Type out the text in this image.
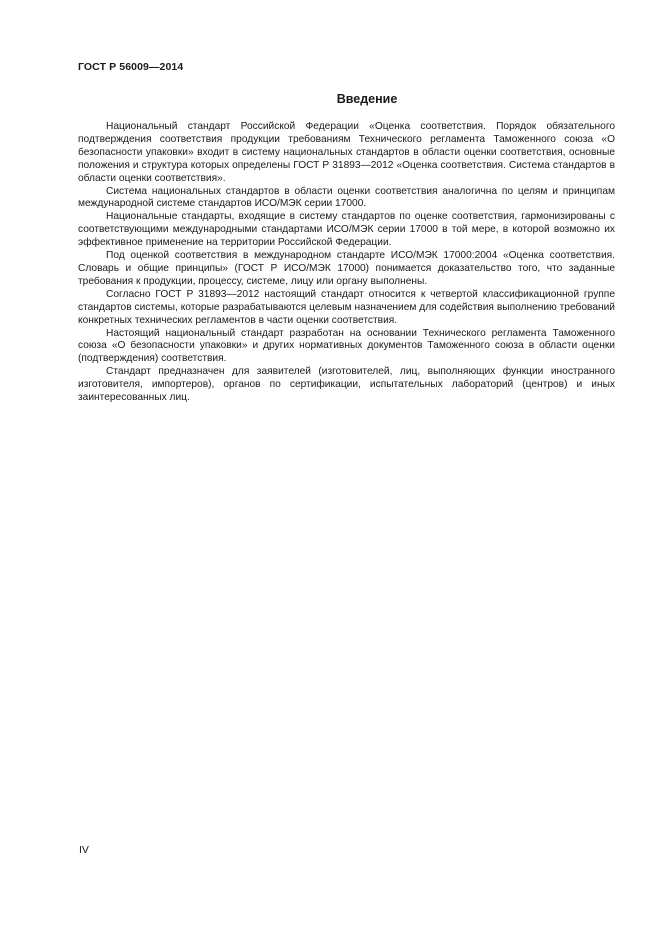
ГОСТ Р 56009—2014
Введение

Национальный стандарт Российской Федерации «Оценка соответствия. Порядок обязательного подтверждения соответствия продукции требованиям Технического регламента Таможенного союза «О безопасности упаковки» входит в систему национальных стандартов в области оценки соответствия, основные положения и структура которых определены ГОСТ Р 31893—2012 «Оценка соответствия. Система стандартов в области оценки соответствия».

Система национальных стандартов в области оценки соответствия аналогична по целям и принципам международной системе стандартов ИСО/МЭК серии 17000.

Национальные стандарты, входящие в систему стандартов по оценке соответствия, гармонизированы с соответствующими международными стандартами ИСО/МЭК серии 17000 в той мере, в которой возможно их эффективное применение на территории Российской Федерации.

Под оценкой соответствия в международном стандарте ИСО/МЭК 17000:2004 «Оценка соответствия. Словарь и общие принципы» (ГОСТ Р ИСО/МЭК 17000) понимается доказательство того, что заданные требования к продукции, процессу, системе, лицу или органу выполнены.

Согласно ГОСТ Р 31893—2012 настоящий стандарт относится к четвертой классификационной группе стандартов системы, которые разрабатываются целевым назначением для содействия выполнению требований конкретных технических регламентов в части оценки соответствия.

Настоящий национальный стандарт разработан на основании Технического регламента Таможенного союза «О безопасности упаковки» и других нормативных документов Таможенного союза в области оценки (подтверждения) соответствия.

Стандарт предназначен для заявителей (изготовителей, лиц, выполняющих функции иностранного изготовителя, импортеров), органов по сертификации, испытательных лабораторий (центров) и иных заинтересованных лиц.

IV
